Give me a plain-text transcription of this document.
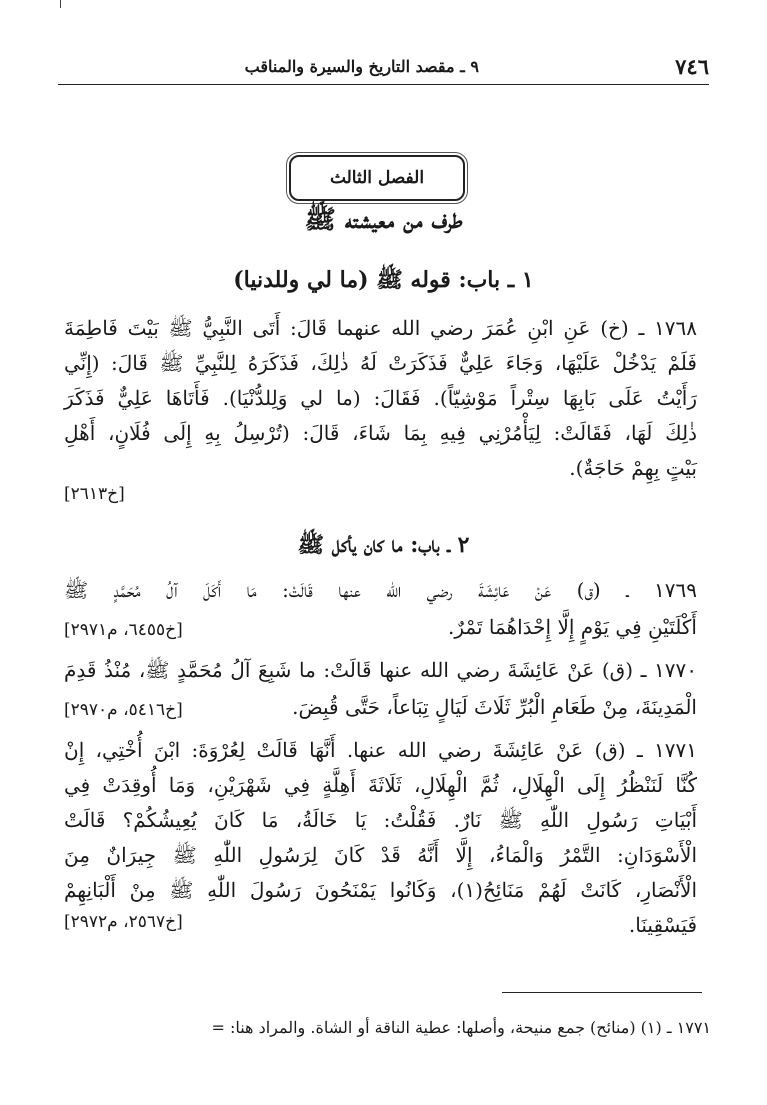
٧٤٦
٩ ـ مقصد التاريخ والسيرة والمناقب
الفصل الثالث
طرف من معيشته ﷺ
١ ـ باب: قوله ﷺ (ما لي وللدنيا)
١٧٦٨ ـ (خ) عَنِ ابْنِ عُمَرَ رضي الله عنهما قَالَ: أَتَى النَّبِيُّ ﷺ بَيْتَ فَاطِمَةَ
فَلَمْ يَدْخُلْ عَلَيْهَا، وَجَاءَ عَلِيٌّ فَذَكَرَتْ لَهُ ذٰلِكَ، فَذَكَرَهُ لِلنَّبِيِّ ﷺ قَالَ: (إِنِّي
رَأَيْتُ عَلَى بَابِهَا سِتْراً مَوْشِيّاً). فَقَالَ: (ما لي وَلِلدُّنْيَا). فَأَتَاهَا عَلِيٌّ فَذَكَرَ
ذٰلِكَ لَهَا، فَقَالَتْ: لِيَأْمُرْنِي فِيهِ بِمَا شَاءَ، قَالَ: (تُرْسِلُ بِهِ إِلَى فُلَانٍ، أَهْلِ
بَيْتٍ بِهِمْ حَاجَةٌ).
[خ٢٦١٣]
٢ ـ باب: ما كان يأكل ﷺ
١٧٦٩ ـ (ق) عَنْ عَائِشَةَ رضي الله عنها قَالَتْ: مَا أَكَلَ آلُ مُحَمَّدٍ ﷺ
أَكْلَتَيْنِ فِي يَوْمٍ إِلَّا إِحْدَاهُمَا تَمْرٌ.
[خ٦٤٥٥، م٢٩٧١]
١٧٧٠ ـ (ق) عَنْ عَائِشَةَ رضي الله عنها قَالَتْ: ما شَبِعَ آلُ مُحَمَّدٍ ﷺ، مُنْذُ قَدِمَ
الْمَدِينَةَ، مِنْ طَعَامِ الْبُرِّ ثَلَاثَ لَيَالٍ تِبَاعاً، حَتَّى قُبِضَ.
[خ٥٤١٦، م٢٩٧٠]
١٧٧١ ـ (ق) عَنْ عَائِشَةَ رضي الله عنها. أَنَّهَا قَالَتْ لِعُرْوَةَ: ابْنَ أُخْتِي، إِنْ
كُنَّا لَنَنْظُرُ إِلَى الْهِلَالِ، ثُمَّ الْهِلَالِ، ثَلَاثَةَ أَهِلَّةٍ فِي شَهْرَيْنِ، وَمَا أُوقِدَتْ فِي
أَبْيَاتِ رَسُولِ اللّٰهِ ﷺ نَارٌ. فَقُلْتُ: يَا خَالَةُ، مَا كَانَ يُعِيشُكُمْ؟ قَالَتْ
الْأَسْوَدَانِ: التَّمْرُ وَالْمَاءُ، إِلَّا أَنَّهُ قَدْ كَانَ لِرَسُولِ اللّٰهِ ﷺ جِيرَانٌ مِنَ
الْأَنْصَارِ، كَانَتْ لَهُمْ مَنَائِحُ(١)، وَكَانُوا يَمْنَحُونَ رَسُولَ اللّٰهِ ﷺ مِنْ أَلْبَانِهِمْ
فَيَسْقِينَا.
[خ٢٥٦٧، م٢٩٧٢]
١٧٧١ ـ (١) (منائح) جمع منيحة، وأصلها: عطية الناقة أو الشاة. والمراد هنا: =
